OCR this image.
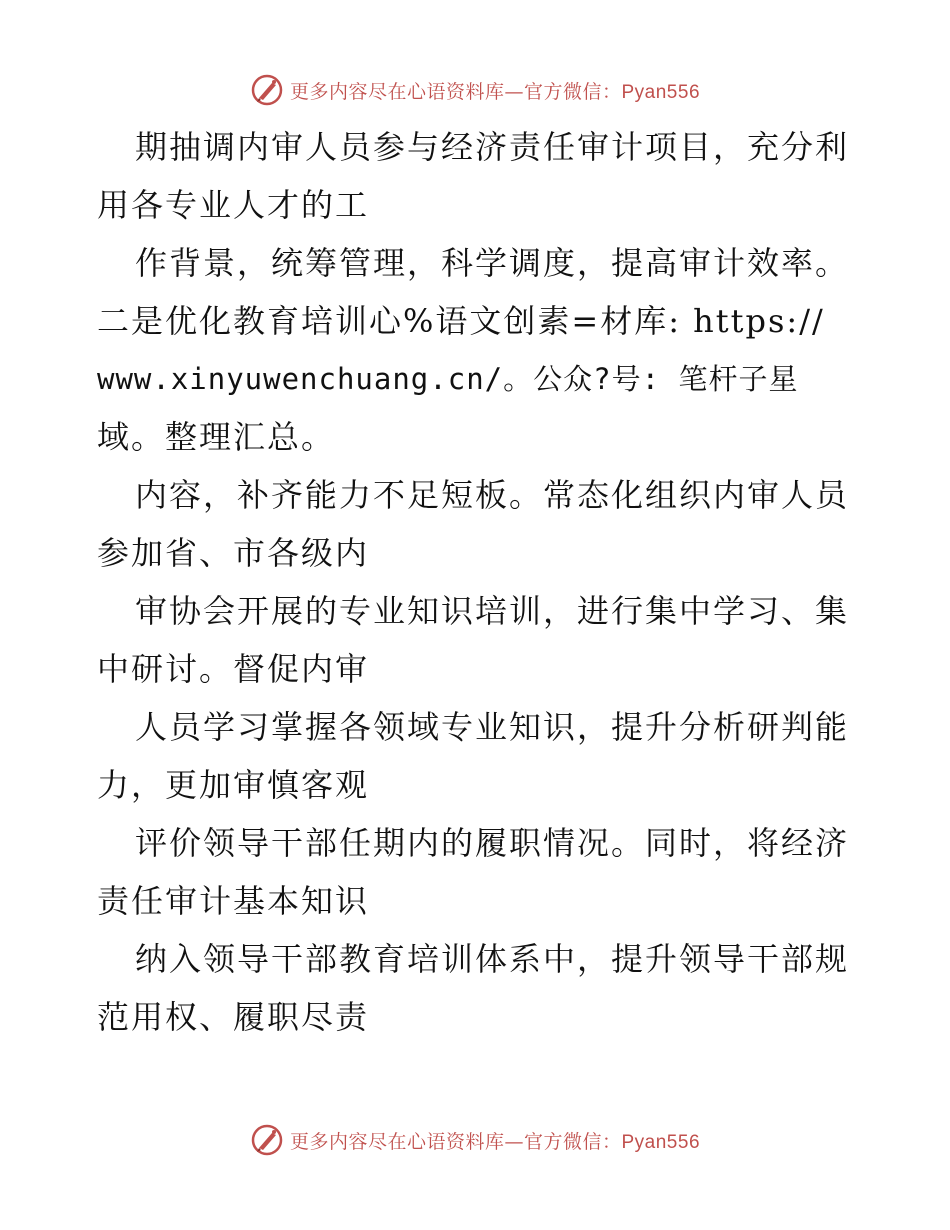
更多内容尽在心语资料库—官方微信：Pyan556
期抽调内审人员参与经济责任审计项目，充分利
用各专业人才的工
作背景，统筹管理，科学调度，提高审计效率。
二是优化教育培训心%语文创素=材库: https://
www.xinyuwenchuang.cn/。公众?号: 笔杆子星
域。整理汇总。
内容，补齐能力不足短板。常态化组织内审人员
参加省、市各级内
审协会开展的专业知识培训，进行集中学习、集
中研讨。督促内审
人员学习掌握各领域专业知识，提升分析研判能
力，更加审慎客观
评价领导干部任期内的履职情况。同时，将经济
责任审计基本知识
纳入领导干部教育培训体系中，提升领导干部规
范用权、履职尽责
更多内容尽在心语资料库—官方微信：Pyan556
